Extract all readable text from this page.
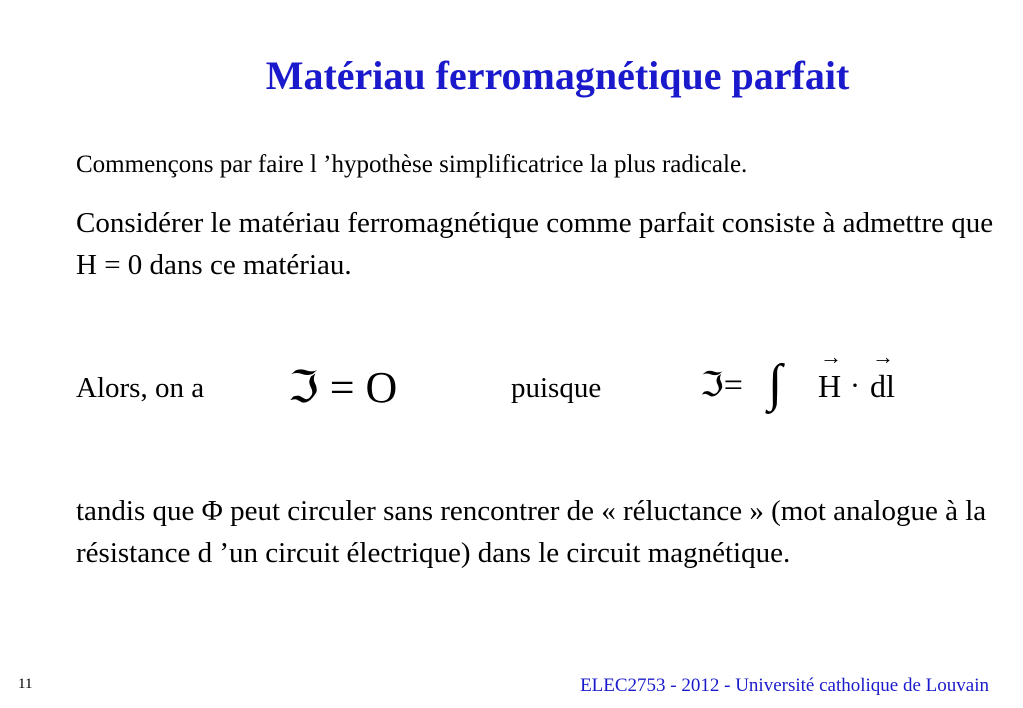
Matériau ferromagnétique parfait

Commençons par faire l ’hypothèse simplificatrice la plus radicale.

Considérer le matériau ferromagnétique comme parfait consiste à admettre que H = 0 dans ce matériau.

Alors, on a ℑ = O	puisque	ℑ= ∫ →
H ·
→
dl

tandis que Φ peut circuler sans rencontrer de « réluctance » (mot analogue à la résistance d ’un circuit électrique) dans le circuit magnétique.

11	ELEC2753 - 2012 - Université catholique de Louvain
